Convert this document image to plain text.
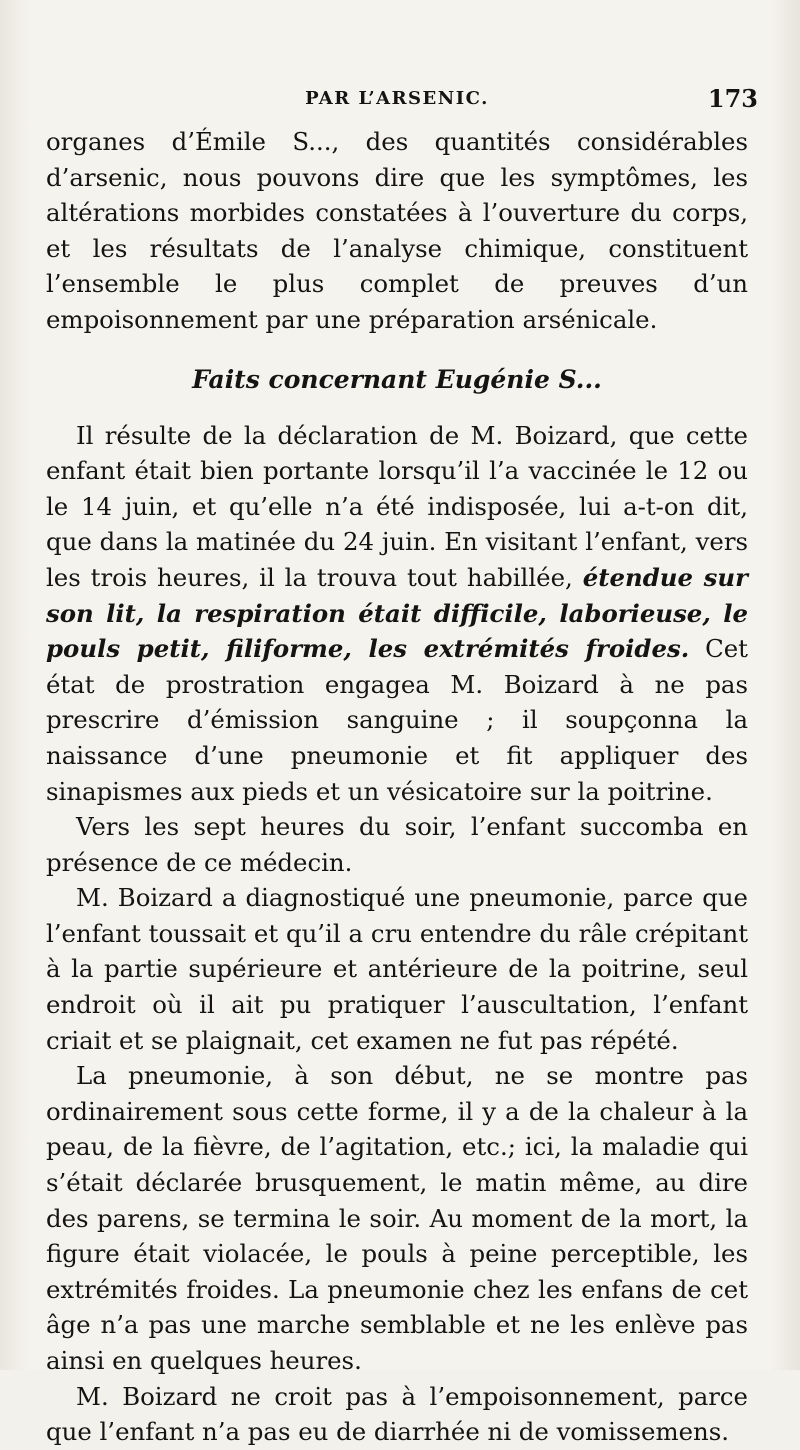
PAR L’ARSENIC.	173

organes d’Émile S..., des quantités considérables d’arsenic, nous pouvons dire que les symptômes, les altérations morbides constatées à l’ouverture du corps, et les résultats de l’analyse chimique, constituent l’ensemble le plus complet de preuves d’un empoisonnement par une préparation arsénicale.

Faits concernant Eugénie S...

Il résulte de la déclaration de M. Boizard, que cette enfant était bien portante lorsqu’il l’a vaccinée le 12 ou le 14 juin, et qu’elle n’a été indisposée, lui a-t-on dit, que dans la matinée du 24 juin. En visitant l’enfant, vers les trois heures, il la trouva tout habillée, étendue sur son lit, la respiration était difficile, laborieuse, le pouls petit, filiforme, les extrémités froides. Cet état de prostration engagea M. Boizard à ne pas prescrire d’émission sanguine ; il soupçonna la naissance d’une pneumonie et fit appliquer des sinapismes aux pieds et un vésicatoire sur la poitrine.

Vers les sept heures du soir, l’enfant succomba en présence de ce médecin.

M. Boizard a diagnostiqué une pneumonie, parce que l’enfant toussait et qu’il a cru entendre du râle crépitant à la partie supérieure et antérieure de la poitrine, seul endroit où il ait pu pratiquer l’auscultation, l’enfant criait et se plaignait, cet examen ne fut pas répété.

La pneumonie, à son début, ne se montre pas ordinairement sous cette forme, il y a de la chaleur à la peau, de la fièvre, de l’agitation, etc.; ici, la maladie qui s’était déclarée brusquement, le matin même, au dire des parens, se termina le soir. Au moment de la mort, la figure était violacée, le pouls à peine perceptible, les extrémités froides. La pneumonie chez les enfans de cet âge n’a pas une marche semblable et ne les enlève pas ainsi en quelques heures.

M. Boizard ne croit pas à l’empoisonnement, parce que l’enfant n’a pas eu de diarrhée ni de vomissemens.
